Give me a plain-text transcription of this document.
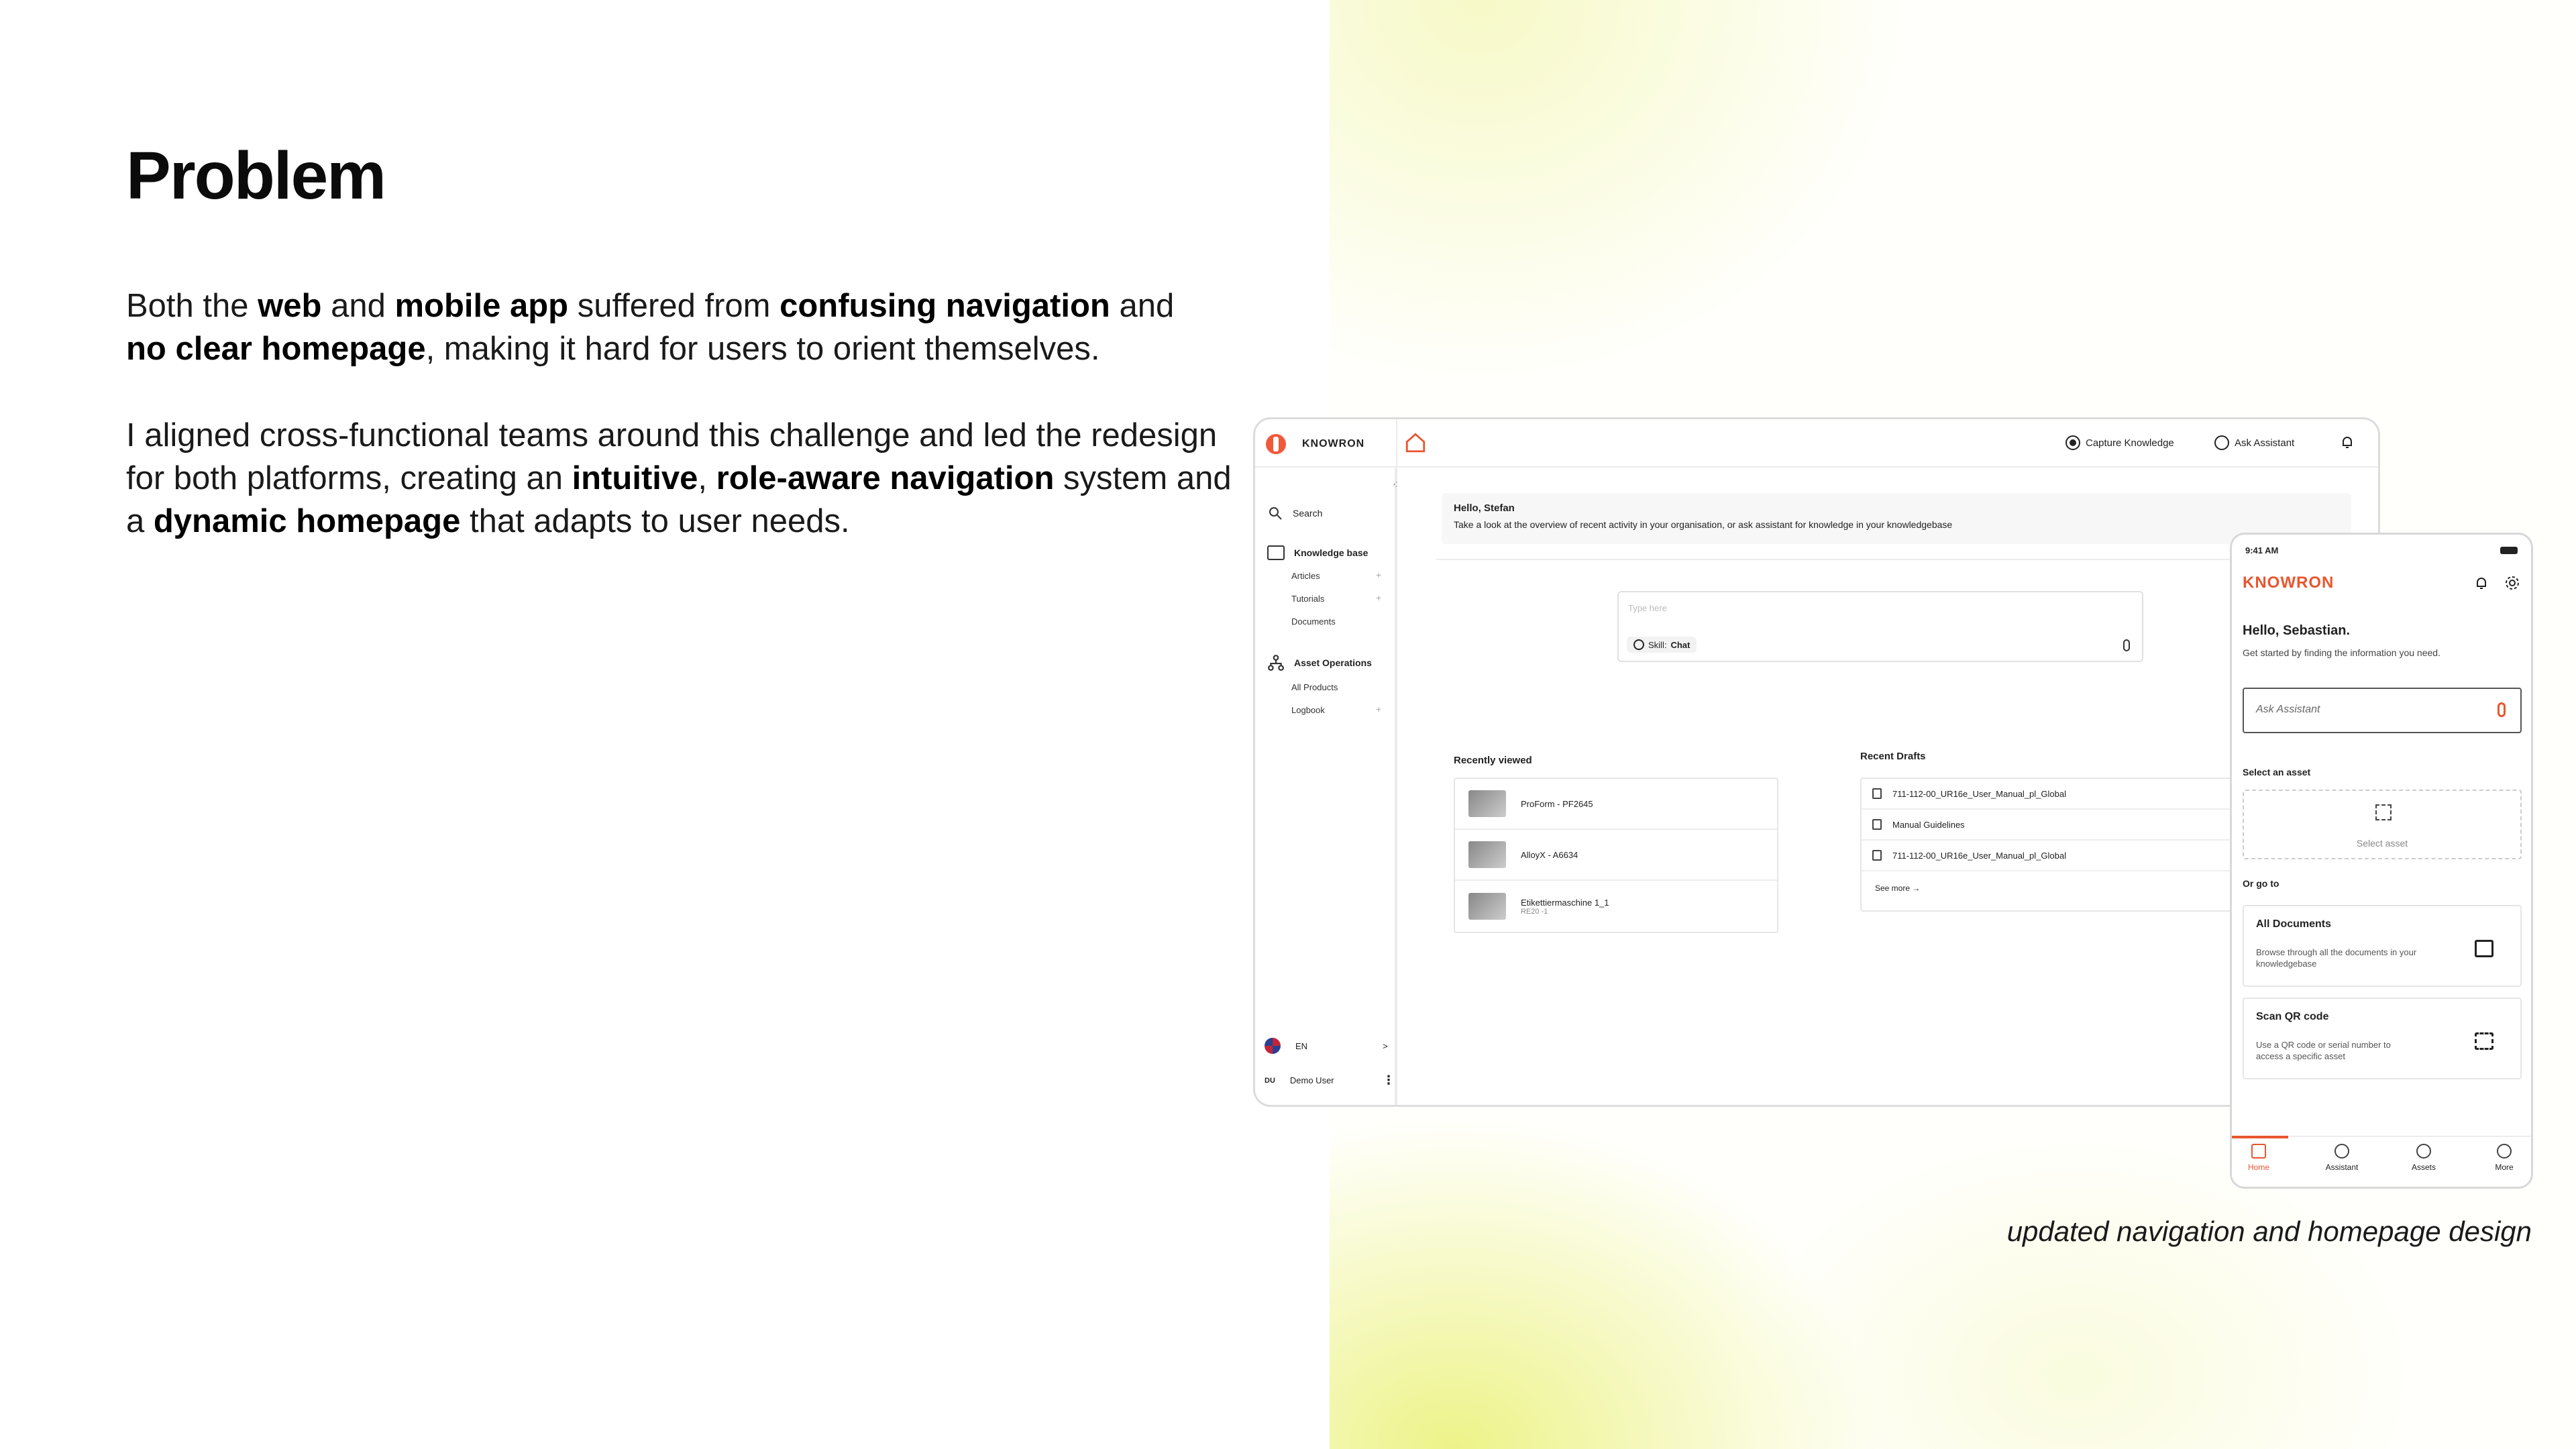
Problem

Both the web and mobile app suffered from confusing navigation and
no clear homepage, making it hard for users to orient themselves.

I aligned cross-functional teams around this challenge and led the redesign for both platforms, creating an intuitive, role-aware navigation system and a dynamic homepage that adapts to user needs.

KNOWRON	Capture Knowledge	Ask Assistant
‹
Search
Knowledge base
Articles	+
Tutorials	+
Documents
Asset Operations
All Products
Logbook	+
Hello, Stefan
Take a look at the overview of recent activity in your organisation, or ask assistant for knowledge in your knowledgebase
Type here
Skill: Chat
Recently viewed
ProForm - PF2645
AlloyX - A6634
Etikettiermaschine 1_1
RE20 -1
Recent Drafts
711-112-00_UR16e_User_Manual_pl_Global
Manual Guidelines
711-112-00_UR16e_User_Manual_pl_Global
See more →
EN	>
DU Demo User	⋮
9:41 AM
KNOWRON
Hello, Sebastian.
Get started by finding the information you need.
Ask Assistant
Select an asset
Select asset
Or go to
All Documents
Browse through all the documents in your knowledgebase
Scan QR code
Use a QR code or serial number to access a specific asset
Home	Assistant	Assets	More
updated navigation and homepage design
